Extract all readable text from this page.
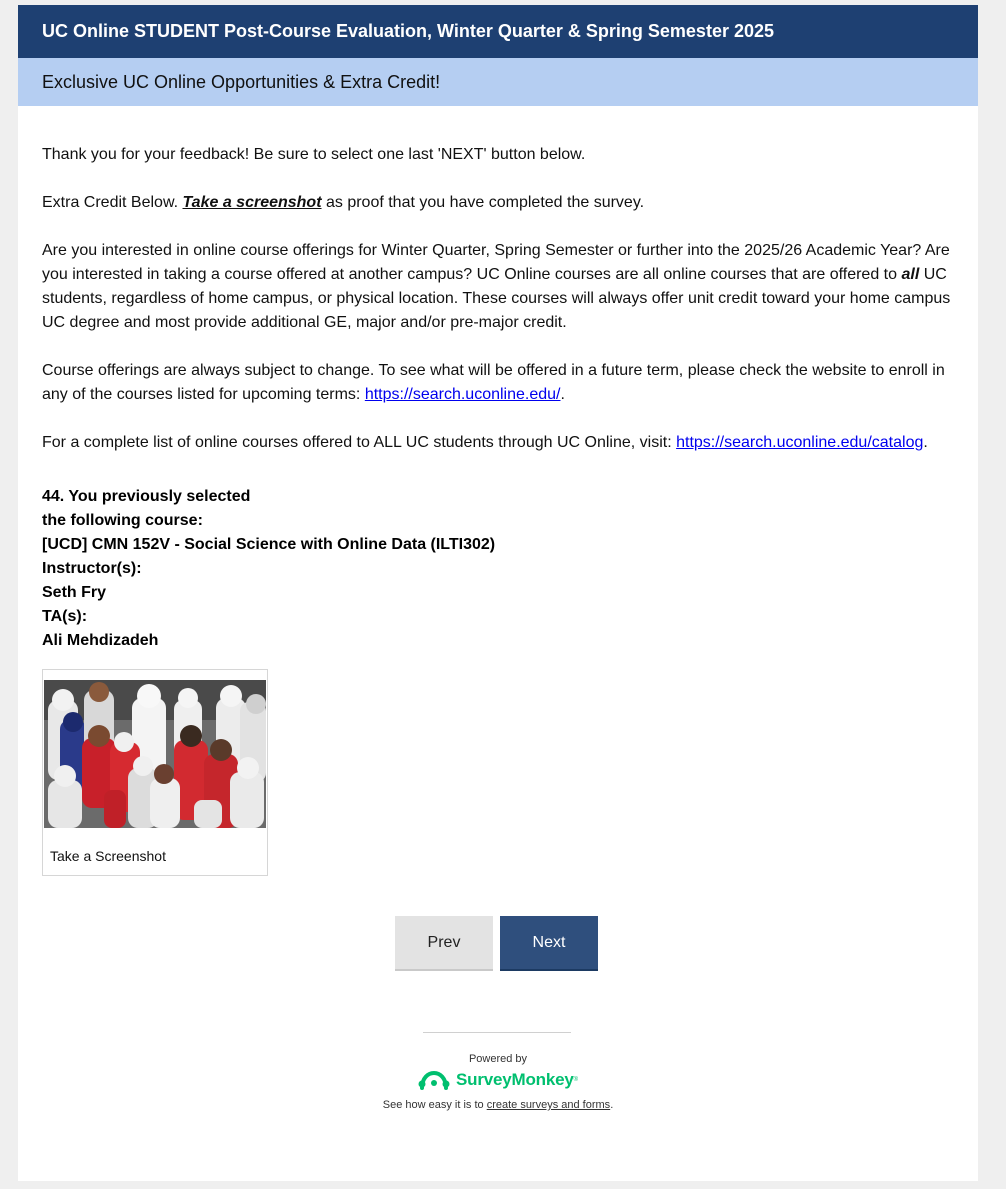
UC Online STUDENT Post-Course Evaluation, Winter Quarter & Spring Semester 2025
Exclusive UC Online Opportunities & Extra Credit!

Thank you for your feedback! Be sure to select one last 'NEXT' button below.

Extra Credit Below. Take a screenshot as proof that you have completed the survey.

Are you interested in online course offerings for Winter Quarter, Spring Semester or further into the 2025/26 Academic Year? Are you interested in taking a course offered at another campus? UC Online courses are all online courses that are offered to all UC students, regardless of home campus, or physical location. These courses will always offer unit credit toward your home campus UC degree and most provide additional GE, major and/or pre-major credit.

Course offerings are always subject to change. To see what will be offered in a future term, please check the website to enroll in any of the courses listed for upcoming terms: https://search.uconline.edu/.

For a complete list of online courses offered to ALL UC students through UC Online, visit: https://search.uconline.edu/catalog.

44. You previously selected
the following course:
[UCD] CMN 152V - Social Science with Online Data (ILTI302)
Instructor(s):
Seth Fry
TA(s):
Ali Mehdizadeh
Take a Screenshot
Prev	Next
Powered by
SurveyMonkey ®
See how easy it is to create surveys and forms.
